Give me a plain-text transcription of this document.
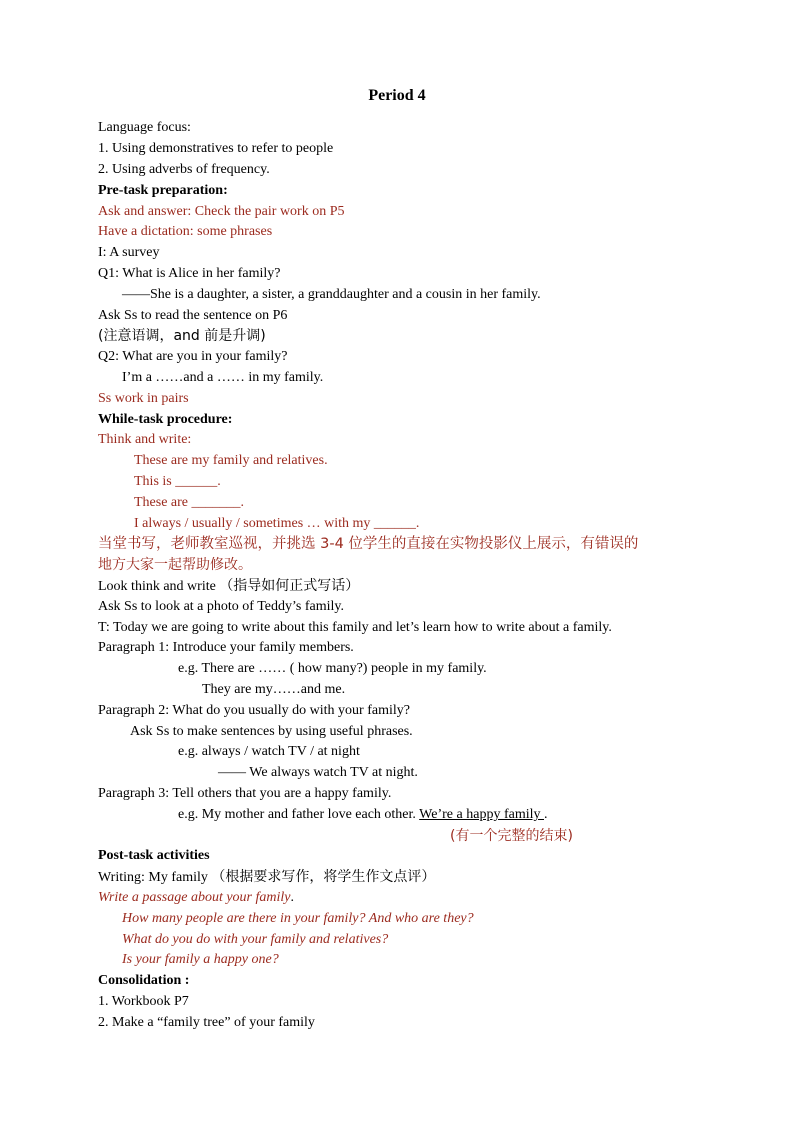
Period 4
Language focus:
1. Using demonstratives to refer to people
2. Using adverbs of frequency.
Pre-task preparation:
Ask and answer: Check the pair work on P5
Have a dictation: some phrases
I: A survey
Q1: What is Alice in her family?
——She is a daughter, a sister, a granddaughter and a cousin in her family.
Ask Ss to read the sentence on P6
(注意语调，and 前是升调)
Q2: What are you in your family?
I’m a ……and a …… in my family.
Ss work in pairs
While-task procedure:
Think and write:
These are my family and relatives.
This is ______.
These are _______.
I always / usually / sometimes … with my ______.
当堂书写，老师教室巡视，并挑选 3-4 位学生的直接在实物投影仪上展示，有错误的
地方大家一起帮助修改。
Look think and write （指导如何正式写话）
Ask Ss to look at a photo of Teddy’s family.
T: Today we are going to write about this family and let’s learn how to write about a family.
Paragraph 1: Introduce your family members.
e.g. There are …… ( how many?) people in my family.
They are my……and me.
Paragraph 2: What do you usually do with your family?
Ask Ss to make sentences by using useful phrases.
e.g. always / watch TV / at night
—— We always watch TV at night.
Paragraph 3: Tell others that you are a happy family.
e.g. My mother and father love each other. We’re a happy family .
(有一个完整的结束)
Post-task activities
Writing: My family （根据要求写作，将学生作文点评）
Write a passage about your family.
How many people are there in your family? And who are they?
What do you do with your family and relatives?
Is your family a happy one?
Consolidation :
1. Workbook P7
2. Make a “family tree” of your family
